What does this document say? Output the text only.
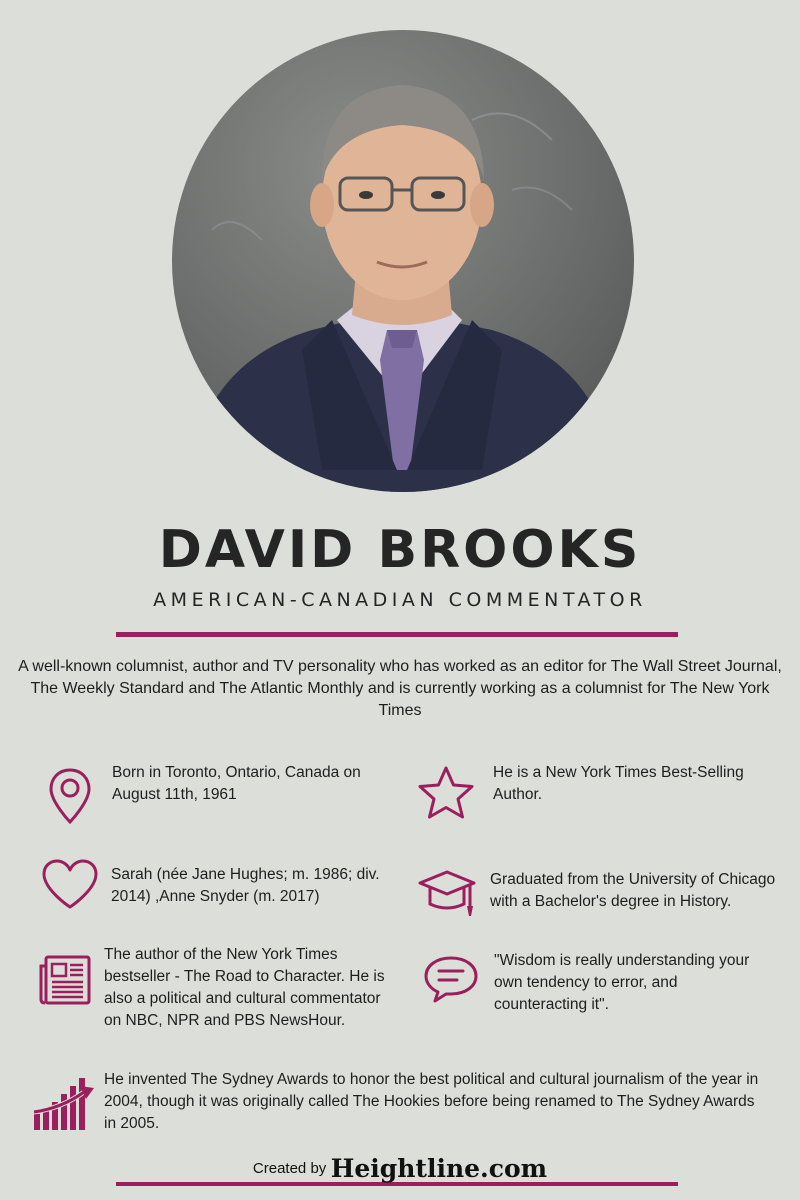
DAVID BROOKS

AMERICAN-CANADIAN COMMENTATOR

A well-known columnist, author and TV personality who has worked as an editor for The Wall Street Journal, The Weekly Standard and The Atlantic Monthly and is currently working as a columnist for The New York Times

Born in Toronto, Ontario, Canada on August 11th, 1961

He is a New York Times Best-Selling Author.

Sarah (née Jane Hughes; m. 1986; div. 2014) ,Anne Snyder (m. 2017)

Graduated from the University of Chicago with a Bachelor's degree in History.

The author of the New York Times bestseller - The Road to Character. He is also a political and cultural commentator on NBC, NPR and PBS NewsHour.

"Wisdom is really understanding your own tendency to error, and counteracting it".

He invented The Sydney Awards to honor the best political and cultural journalism of the year in 2004, though it was originally called The Hookies before being renamed to The Sydney Awards in 2005.

Created by Heightline.com
